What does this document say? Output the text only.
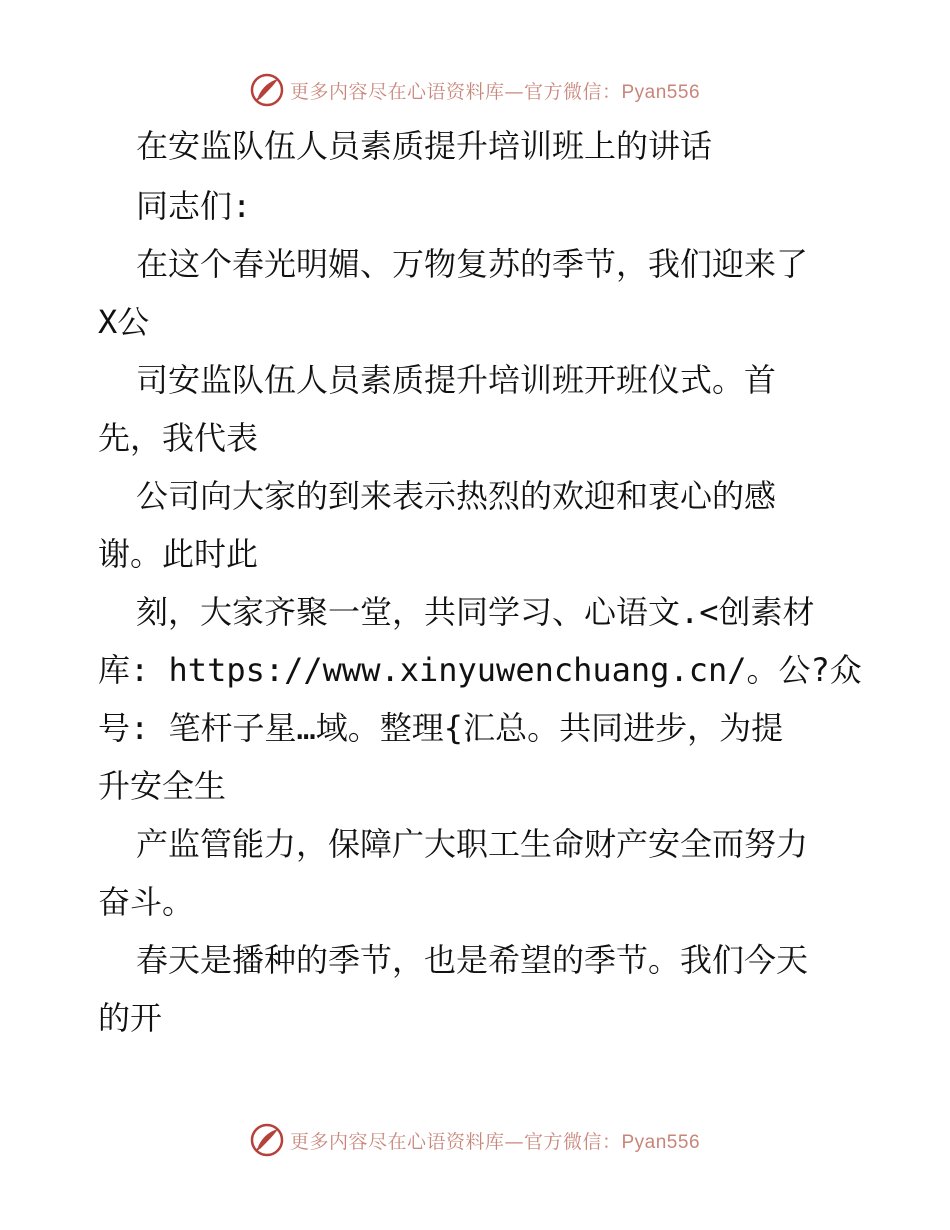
更多内容尽在心语资料库—官方微信：Pyan556
在安监队伍人员素质提升培训班上的讲话
同志们:
在这个春光明媚、万物复苏的季节，我们迎来了
X公
司安监队伍人员素质提升培训班开班仪式。首
先，我代表
公司向大家的到来表示热烈的欢迎和衷心的感
谢。此时此
刻，大家齐聚一堂，共同学习、心语文.<创素材
库: https://www.xinyuwenchuang.cn/。公?众
号: 笔杆子星…域。整理{汇总。共同进步，为提
升安全生
产监管能力，保障广大职工生命财产安全而努力
奋斗。
春天是播种的季节，也是希望的季节。我们今天
的开
更多内容尽在心语资料库—官方微信：Pyan556
